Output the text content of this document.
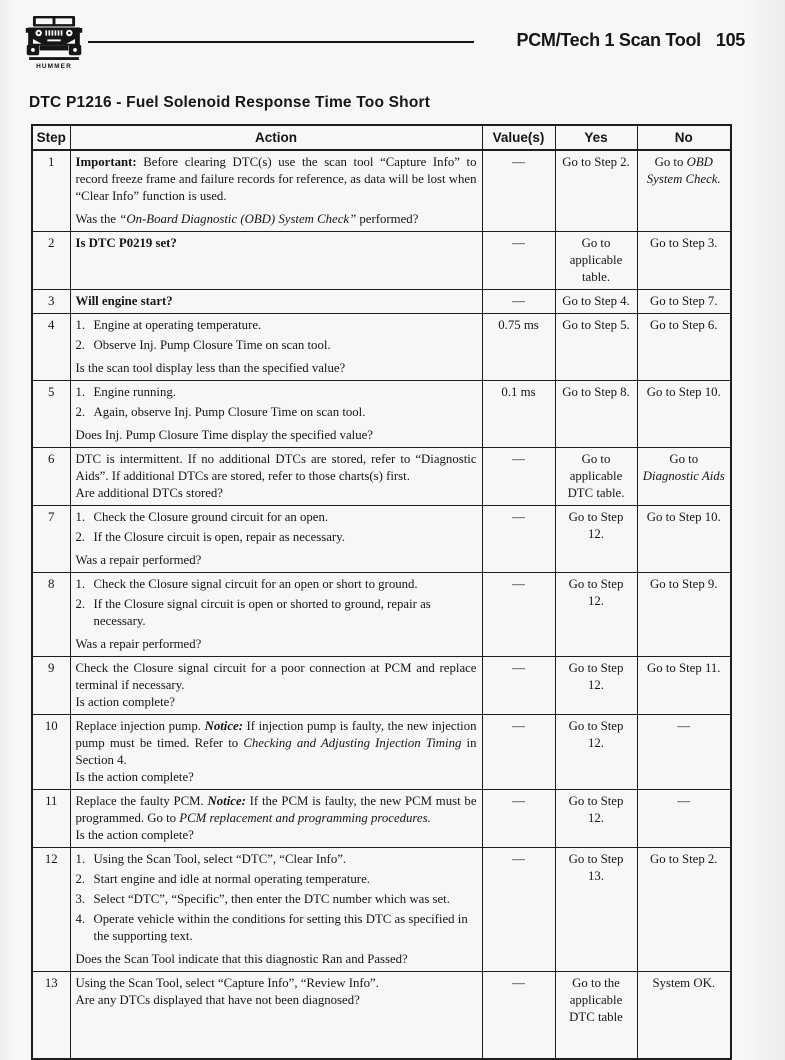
HUMMER
PCM/Tech 1 Scan Tool 105
DTC P1216 - Fuel Solenoid Response Time Too Short
Step	Action	Value(s)	Yes	No
1	Important: Before clearing DTC(s) use the scan tool “Capture Info” to record freeze frame and failure records for reference, as data will be lost when “Clear Info” function is used.
Was the “On-Board Diagnostic (OBD) System Check” performed?	—	Go to Step 2.	Go to OBD System Check.
2	Is DTC P0219 set?	—	Go to applicable table.	Go to Step 3.
3	Will engine start?	—	Go to Step 4.	Go to Step 7.
4	1. Engine at operating temperature.
2. Observe Inj. Pump Closure Time on scan tool.
Is the scan tool display less than the specified value?	0.75 ms	Go to Step 5.	Go to Step 6.
5	1. Engine running.
2. Again, observe Inj. Pump Closure Time on scan tool.
Does Inj. Pump Closure Time display the specified value?	0.1 ms	Go to Step 8.	Go to Step 10.
6	DTC is intermittent. If no additional DTCs are stored, refer to “Diagnostic Aids”. If additional DTCs are stored, refer to those charts(s) first.
Are additional DTCs stored?	—	Go to applicable DTC table.	Go to Diagnostic Aids
7	1. Check the Closure ground circuit for an open.
2. If the Closure circuit is open, repair as necessary.
Was a repair performed?	—	Go to Step 12.	Go to Step 10.
8	1. Check the Closure signal circuit for an open or short to ground.
2. If the Closure signal circuit is open or shorted to ground, repair as necessary.
Was a repair performed?	—	Go to Step 12.	Go to Step 9.
9	Check the Closure signal circuit for a poor connection at PCM and replace terminal if necessary.
Is action complete?	—	Go to Step 12.	Go to Step 11.
10	Replace injection pump. Notice: If injection pump is faulty, the new injection pump must be timed. Refer to Checking and Adjusting Injection Timing in Section 4.
Is the action complete?	—	Go to Step 12.	—
11	Replace the faulty PCM. Notice: If the PCM is faulty, the new PCM must be programmed. Go to PCM replacement and programming procedures.
Is the action complete?	—	Go to Step 12.	—
12	1. Using the Scan Tool, select “DTC”, “Clear Info”.
2. Start engine and idle at normal operating temperature.
3. Select “DTC”, “Specific”, then enter the DTC number which was set.
4. Operate vehicle within the conditions for setting this DTC as specified in the supporting text.
Does the Scan Tool indicate that this diagnostic Ran and Passed?
	—	Go to Step 13.	Go to Step 2.
13	Using the Scan Tool, select “Capture Info”, “Review Info”.
Are any DTCs displayed that have not been diagnosed?	—	Go to the applicable DTC table	System OK.
